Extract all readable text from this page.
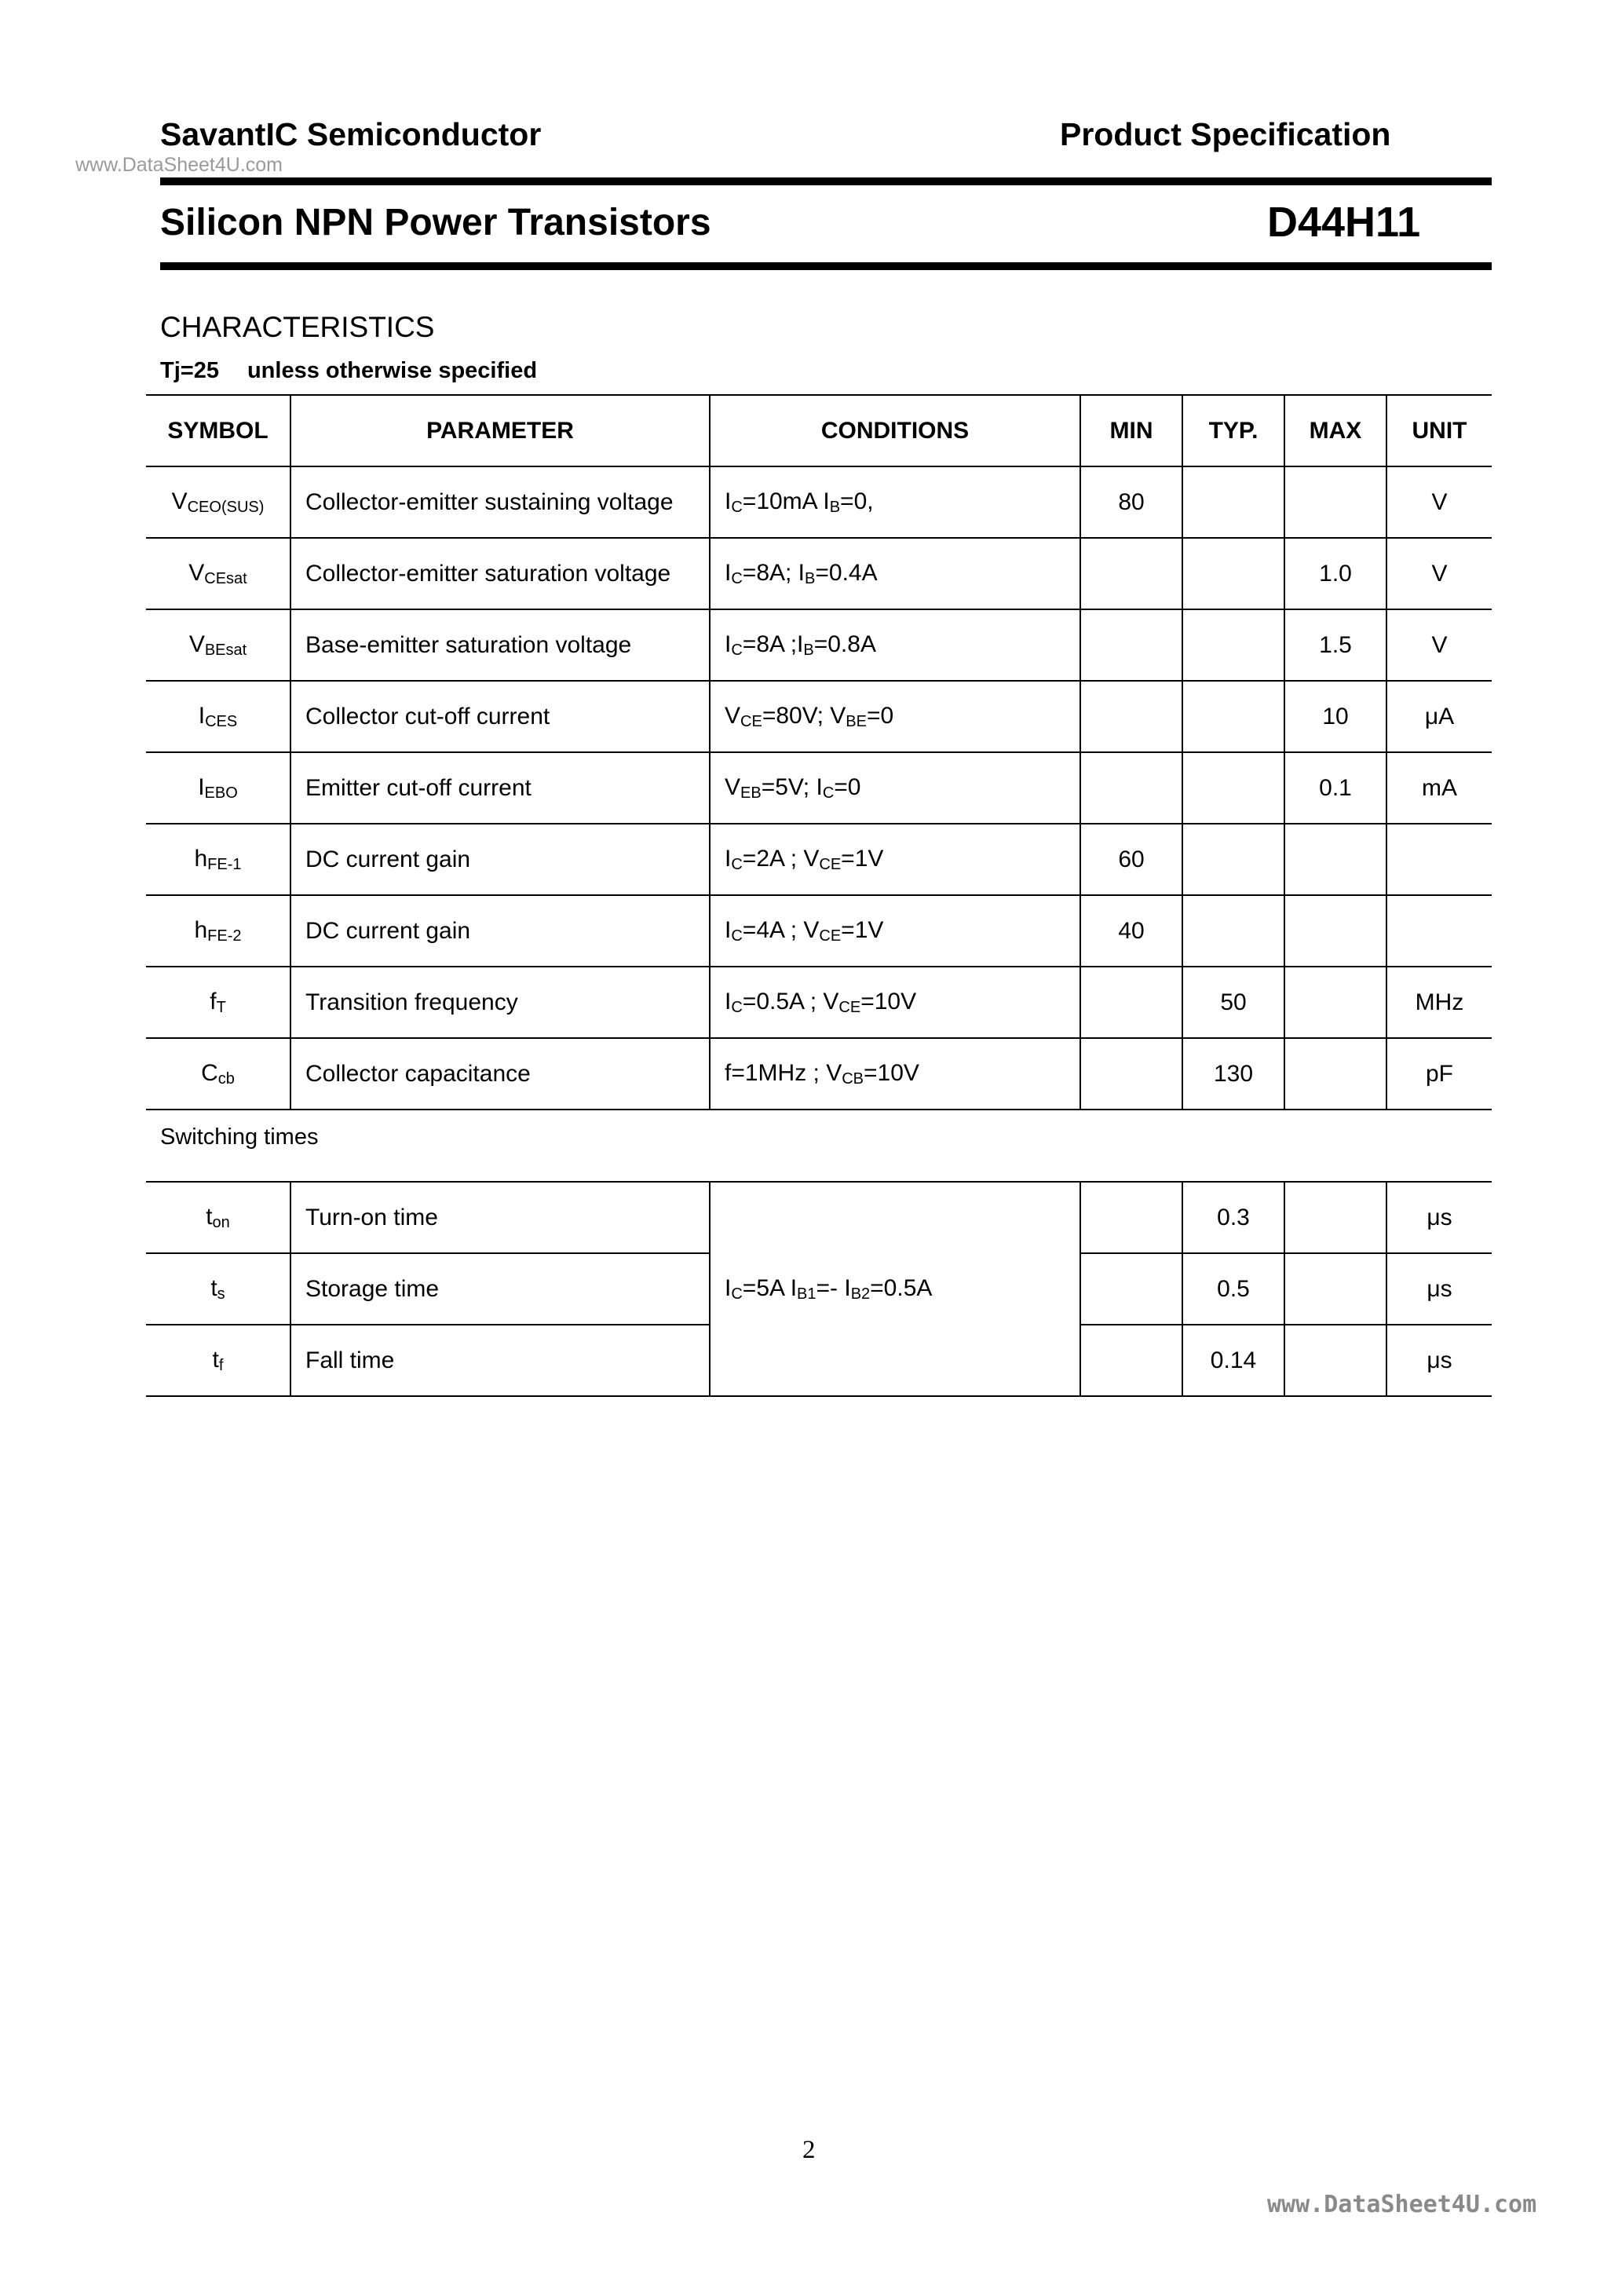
SavantIC Semiconductor	Product Specification
www.DataSheet4U.com
Silicon NPN Power Transistors	D44H11
CHARACTERISTICS
Tj=25 unless otherwise specified
SYMBOL	PARAMETER	CONDITIONS	MIN	TYP.	MAX	UNIT
$V_{CEO(SUS)}$	Collector-emitter sustaining voltage	$I_C=10mA$ $I_B=0$,	80			V
$V_{CEsat}$	Collector-emitter saturation voltage	$I_C=8A$; $I_B=0.4A$			1.0	V
$V_{BEsat}$	Base-emitter saturation voltage	$I_C=8A$ $;I_B=0.8A$			1.5	V
$I_{CES}$	Collector cut-off current	$V_{CE}=80V$; $V_{BE}=0$			10	μA
$I_{EBO}$	Emitter cut-off current	$V_{EB}=5V$; $I_C=0$			0.1	mA
$h_{FE-1}$	DC current gain	$I_C=2A$ ; $V_{CE}=1V$	60			
$h_{FE-2}$	DC current gain	$I_C=4A$ ; $V_{CE}=1V$	40			
$f_T$	Transition frequency	$I_C=0.5A$ ; $V_{CE}=10V$		50		MHz
$C_{cb}$	Collector capacitance	f=1MHz ; $V_{CB}=10V$		130		pF
Switching times
$t_{on}$	Turn-on time	$I_C=5A$ $I_{B1}=-$ $I_{B2}=0.5A$		0.3		μs
$t_s$	Storage time			0.5		μs
$t_f$	Fall time			0.14		μs
2
www.DataSheet4U.com
